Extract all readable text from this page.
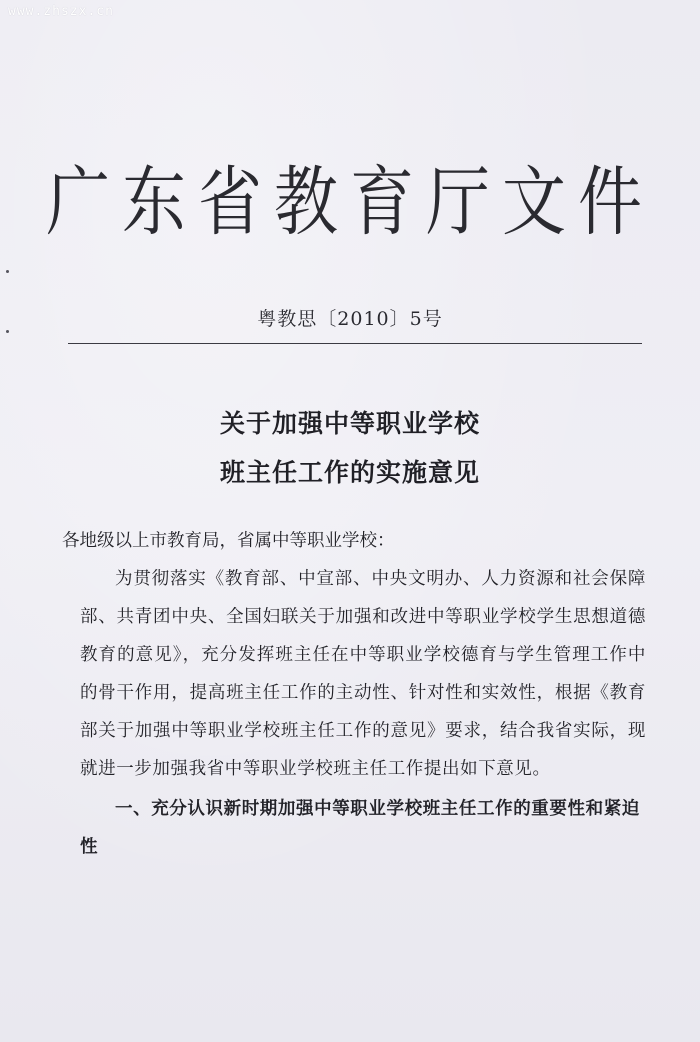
www.zhszx.cn
广东省教育厅文件
粤教思〔2010〕5号
关于加强中等职业学校
班主任工作的实施意见

各地级以上市教育局，省属中等职业学校：

为贯彻落实《教育部、中宣部、中央文明办、人力资源和社会保障部、共青团中央、全国妇联关于加强和改进中等职业学校学生思想道德教育的意见》，充分发挥班主任在中等职业学校德育与学生管理工作中的骨干作用，提高班主任工作的主动性、针对性和实效性，根据《教育部关于加强中等职业学校班主任工作的意见》要求，结合我省实际，现就进一步加强我省中等职业学校班主任工作提出如下意见。

一、充分认识新时期加强中等职业学校班主任工作的重要性和紧迫性
